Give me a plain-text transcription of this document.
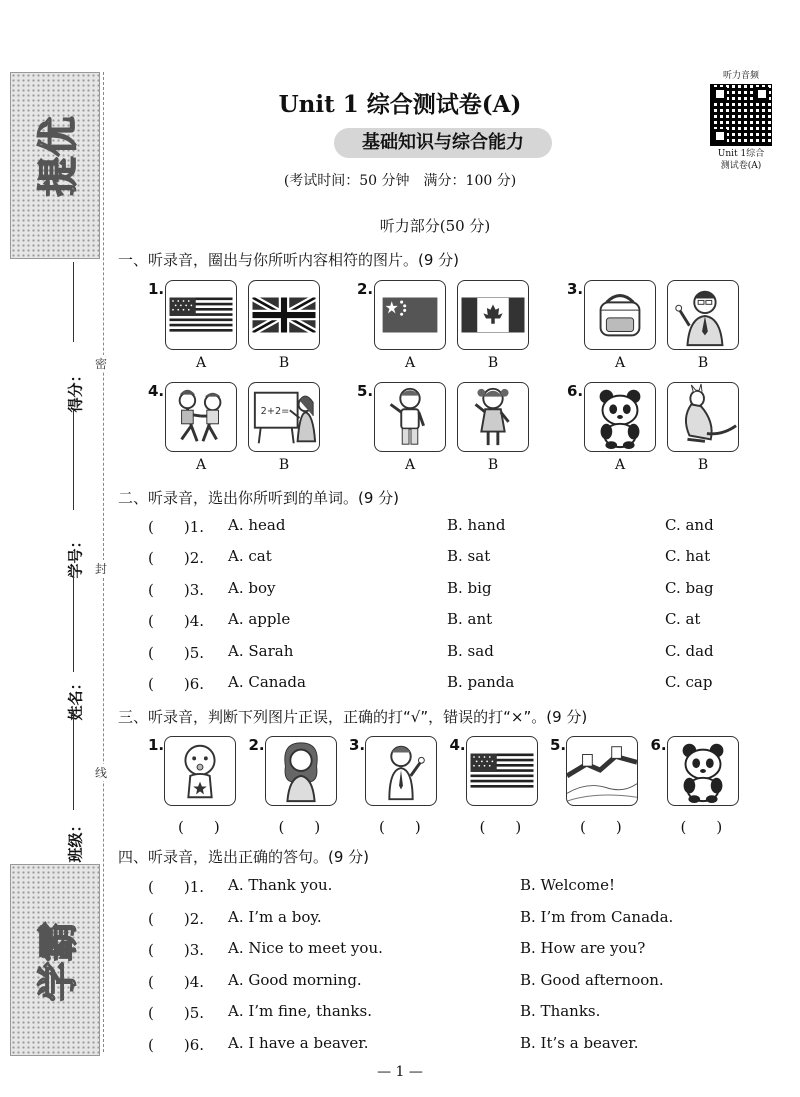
提优
学霸
密
封
线
得分：
学号：
姓名：
班级：
Unit 1 综合测试卷(A)
基础知识与综合能力
(考试时间：50 分钟　满分：100 分)
听力部分(50 分)
听力音频
Unit 1综合
测试卷(A)
一、听录音，圈出与你所听内容相符的图片。(9 分)
1.
A	B
2.
A	B
3.
A	B
4.
A	B
5.
A	B
6.
A	B
二、听录音，选出你所听到的单词。(9 分)
(　　)1. A. head	B. hand	C. and
(　　)2. A. cat	B. sat	C. hat
(　　)3. A. boy	B. big	C. bag
(　　)4. A. apple	B. ant	C. at
(　　)5. A. Sarah	B. sad	C. dad
(　　)6. A. Canada	B. panda	C. cap
三、听录音，判断下列图片正误，正确的打“√”，错误的打“×”。(9 分)
1.
(　　)
2.
(　　)
3.
(　　)
4.
(　　)
5.
(　　)
6.
(　　)
四、听录音，选出正确的答句。(9 分)
(　　)1. A. Thank you.	B. Welcome!
(　　)2. A. I’m a boy.	B. I’m from Canada.
(　　)3. A. Nice to meet you.	B. How are you?
(　　)4. A. Good morning.	B. Good afternoon.
(　　)5. A. I’m fine, thanks.	B. Thanks.
(　　)6. A. I have a beaver.	B. It’s a beaver.
— 1 —
